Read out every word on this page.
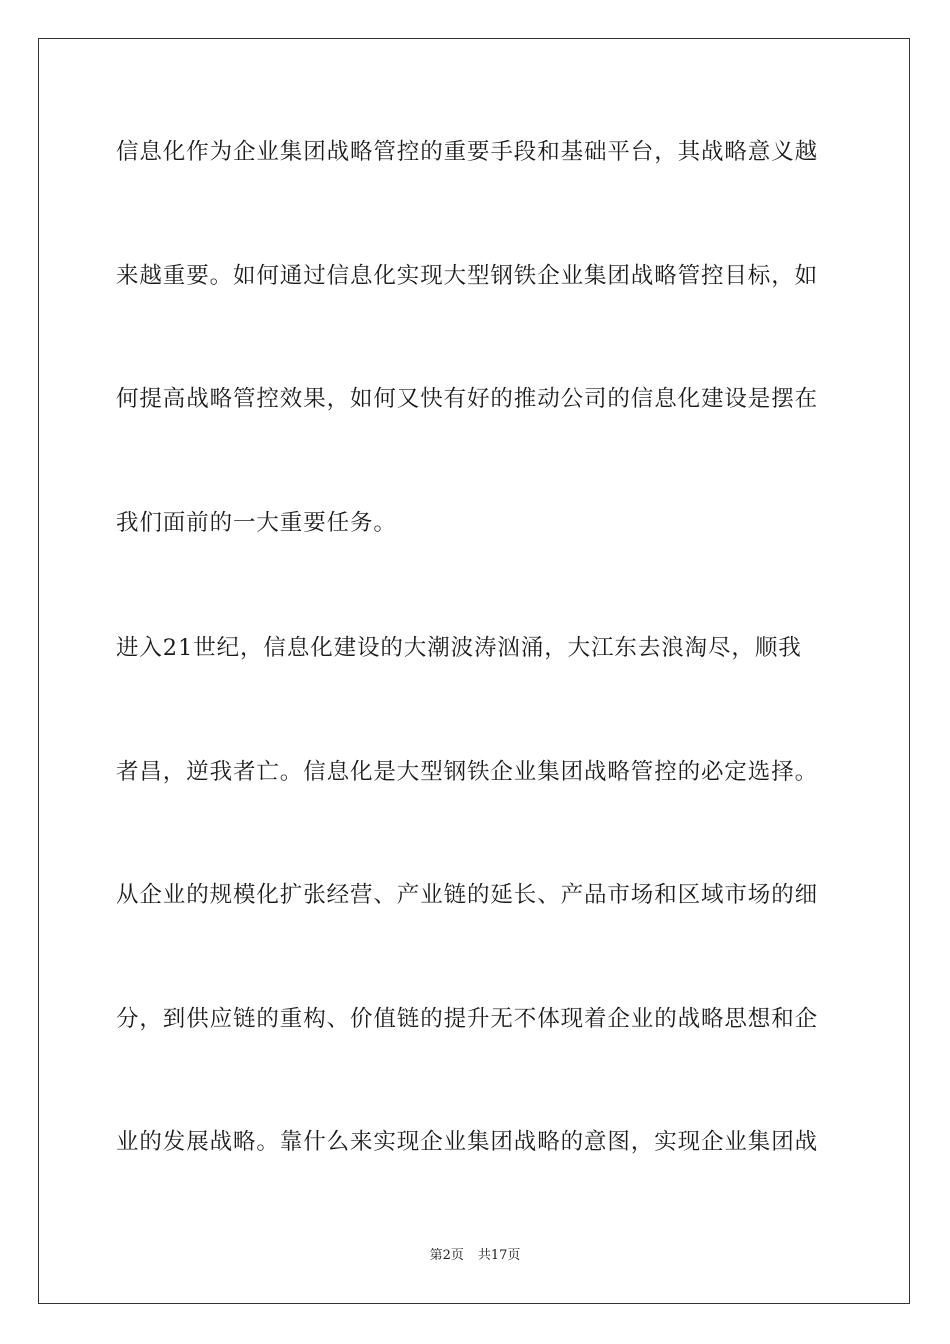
信息化作为企业集团战略管控的重要手段和基础平台，其战略意义越
来越重要。如何通过信息化实现大型钢铁企业集团战略管控目标，如
何提高战略管控效果，如何又快有好的推动公司的信息化建设是摆在
我们面前的一大重要任务。
进入21世纪，信息化建设的大潮波涛汹涌，大江东去浪淘尽，顺我
者昌，逆我者亡。信息化是大型钢铁企业集团战略管控的必定选择。
从企业的规模化扩张经营、产业链的延长、产品市场和区域市场的细
分，到供应链的重构、价值链的提升无不体现着企业的战略思想和企
业的发展战略。靠什么来实现企业集团战略的意图，实现企业集团战
第2页 共17页
